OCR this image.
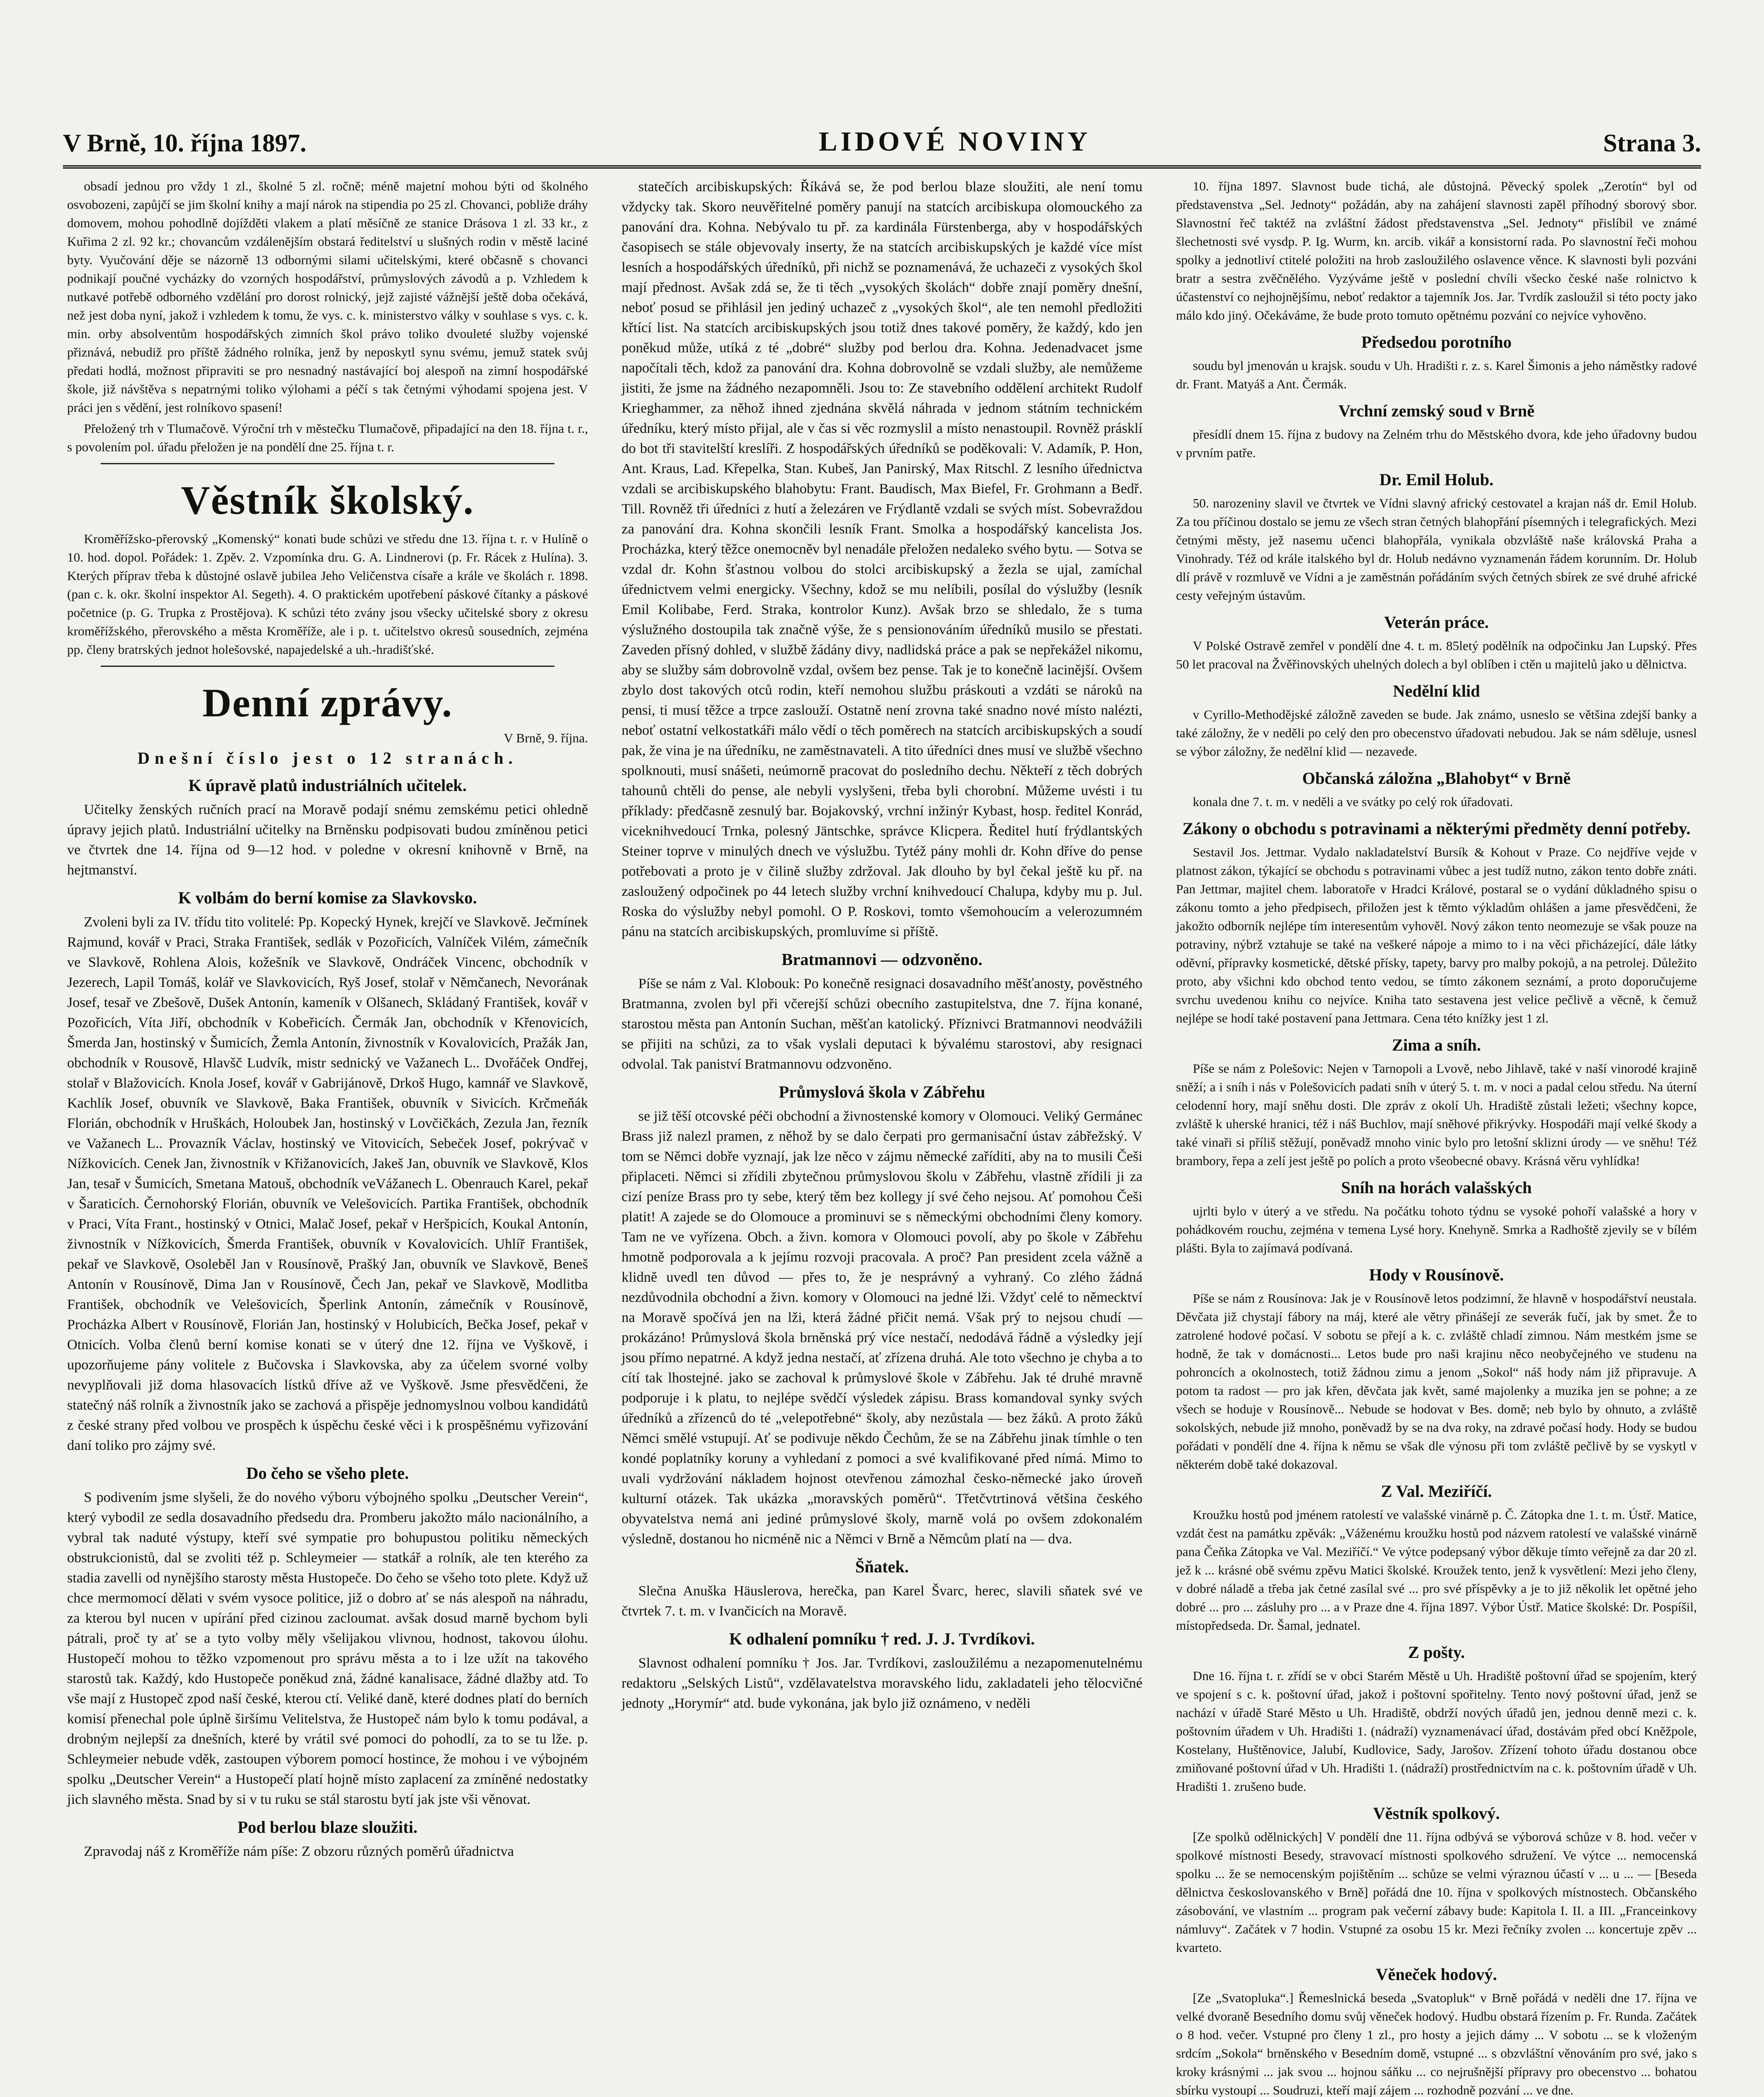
V Brně, 10. října 1897.	LIDOVÉ NOVINY	Strana 3.

obsadí jednou pro vždy 1 zl., školné 5 zl. ročně; méně majetní mohou býti od školného osvobozeni, zapůjčí se jim školní knihy a mají nárok na stipendia po 25 zl. Chovanci, pobliže dráhy domovem, mohou pohodlně dojížděti vlakem a platí měsíčně ze stanice Drásova 1 zl. 33 kr., z Kuřima 2 zl. 92 kr.; chovancům vzdálenějším obstará ředitelství u slušných rodin v městě laciné byty. Vyučování děje se názorně 13 odbornými silami učitelskými, které občasně s chovanci podnikají poučné vycházky do vzorných hospodářství, průmyslových závodů a p. Vzhledem k nutkavé potřebě odborného vzdělání pro dorost rolnický, jejž zajisté vážnější ještě doba očekává, než jest doba nyní, jakož i vzhledem k tomu, že vys. c. k. ministerstvo války v souhlase s vys. c. k. min. orby absolventům hospodářských zimních škol právo toliko dvouleté služby vojenské přiznává, nebudiž pro příště žádného rolníka, jenž by neposkytl synu svému, jemuž statek svůj předati hodlá, možnost připraviti se pro nesnadný nastávající boj alespoň na zimní hospodářské škole, již návštěva s nepatrnými toliko výlohami a péčí s tak četnými výhodami spojena jest. V práci jen s vědění, jest rolníkovo spasení!

Přeložený trh v Tlumačově. Výroční trh v městečku Tlumačově, připadající na den 18. října t. r., s povolením pol. úřadu přeložen je na pondělí dne 25. října t. r.

Věstník školský.

Kroměřížsko-přerovský „Komenský“ konati bude schůzi ve středu dne 13. října t. r. v Hulíně o 10. hod. dopol. Pořádek: 1. Zpěv. 2. Vzpomínka dru. G. A. Lindnerovi (p. Fr. Rácek z Hulína). 3. Kterých příprav třeba k důstojné oslavě jubilea Jeho Veličenstva císaře a krále ve školách r. 1898. (pan c. k. okr. školní inspektor Al. Segeth). 4. O praktickém upotřebení páskové čítanky a páskové početnice (p. G. Trupka z Prostějova). K schůzi této zvány jsou všecky učitelské sbory z okresu kroměřížského, přerovského a města Kroměříže, ale i p. t. učitelstvo okresů sousedních, zejména pp. členy bratrských jednot holešovské, napajedelské a uh.-hradišťské.

Denní zprávy.
V Brně, 9. října.
Dnešní číslo jest o 12 stranách.
K úpravě platů industriálních učitelek.

Učitelky ženských ručních prací na Moravě podají snému zemskému petici ohledně úpravy jejich platů. Industriální učitelky na Brněnsku podpisovati budou zmíněnou petici ve čtvrtek dne 14. října od 9—12 hod. v poledne v okresní knihovně v Brně, na hejtmanství.

K volbám do berní komise za Slavkovsko.

Zvoleni byli za IV. třídu tito volitelé: Pp. Kopecký Hynek, krejčí ve Slavkově. Ječmínek Rajmund, kovář v Praci, Straka František, sedlák v Pozořicích, Valníček Vilém, zámečník ve Slavkově, Rohlena Alois, kožešník ve Slavkově, Ondráček Vincenc, obchodník v Jezerech, Lapil Tomáš, kolář ve Slavkovicích, Ryš Josef, stolař v Němčanech, Nevorának Josef, tesař ve Zbešově, Dušek Antonín, kameník v Olšanech, Skládaný František, kovář v Pozořicích, Víta Jiří, obchodník v Kobeřicích. Čermák Jan, obchodník v Křenovicích, Šmerda Jan, hostinský v Šumicích, Žemla Antonín, živnostník v Kovalovicích, Pražák Jan, obchodník v Rousově, Hlavšč Ludvík, mistr sednický ve Važanech L.. Dvořáček Ondřej, stolař v Blažovicích. Knola Josef, kovář v Gabrijánově, Drkoš Hugo, kamnář ve Slavkově, Kachlík Josef, obuvník ve Slavkově, Baka František, obuvník v Sivicích. Krčmeňák Florián, obchodník v Hruškách, Holoubek Jan, hostinský v Lovčičkách, Zezula Jan, řezník ve Važanech L.. Provazník Václav, hostinský ve Vitovicích, Sebeček Josef, pokrývač v Nížkovicích. Cenek Jan, živnostník v Křižanovicích, Jakeš Jan, obuvník ve Slavkově, Klos Jan, tesař v Šumicích, Smetana Matouš, obchodník veVážanech L. Obenrauch Karel, pekař v Šaraticích. Černohorský Florián, obuvník ve Velešovicích. Partika František, obchodník v Praci, Víta Frant., hostinský v Otnici, Malač Josef, pekař v Heršpicích, Koukal Antonín, živnostník v Nížkovicích, Šmerda František, obuvník v Kovalovicích. Uhlíř František, pekař ve Slavkově, Osoleběl Jan v Rousínově, Prašký Jan, obuvník ve Slavkově, Beneš Antonín v Rousínově, Dima Jan v Rousínově, Čech Jan, pekař ve Slavkově, Modlitba František, obchodník ve Velešovicích, Šperlink Antonín, zámečník v Rousínově, Procházka Albert v Rousínově, Florián Jan, hostinský v Holubicích, Bečka Josef, pekař v Otnicích. Volba členů berní komise konati se v úterý dne 12. října ve Vyškově, i upozorňujeme pány volitele z Bučovska i Slavkovska, aby za účelem svorné volby nevyplňovali již doma hlasovacích lístků dříve až ve Vyškově. Jsme přesvědčeni, že statečný náš rolník a živnostník jako se zachová a přispěje jednomyslnou volbou kandidátů z české strany před volbou ve prospěch k úspěchu české věci i k prospěšnému vyřizování daní toliko pro zájmy své.

Do čeho se všeho plete.

S podivením jsme slyšeli, že do nového výboru výbojného spolku „Deutscher Verein“, který vybodil ze sedla dosavadního předsedu dra. Promberu jakožto málo nacionálního, a vybral tak naduté výstupy, kteří své sympatie pro bohupustou politiku německých obstrukcionistů, dal se zvoliti též p. Schleymeier — statkář a rolník, ale ten kterého za stadia zavelli od nynějšího starosty města Hustopeče. Do čeho se všeho toto plete. Když už chce mermomocí dělati v svém vysoce politice, již o dobro ať se nás alespoň na náhradu, za kterou byl nucen v upírání před cizinou zacloumat. avšak dosud marně bychom byli pátrali, proč ty ať se a tyto volby měly všelijakou vlivnou, hodnost, takovou úlohu. Hustopečí mohou to těžko vzpomenout pro správu města a to i lze užít na takového starostů tak. Každý, kdo Hustopeče poněkud zná, žádné kanalisace, žádné dlažby atd. To vše mají z Hustopeč zpod naší české, kterou ctí. Veliké daně, které dodnes platí do berních komisí přenechal pole úplně širšímu Velitelstva, že Hustopeč nám bylo k tomu podával, a drobným nejlepší za dnešních, které by vrátil své pomoci do pohodlí, za to se tu lže. p. Schleymeier nebude vděk, zastoupen výborem pomocí hostince, že mohou i ve výbojném spolku „Deutscher Verein“ a Hustopečí platí hojně místo zaplacení za zmíněné nedostatky jich slavného města. Snad by si v tu ruku se stál starostu bytí jak jste vši věnovat.

Pod berlou blaze sloužiti.

Zpravodaj náš z Kroměříže nám píše: Z obzoru různých poměrů úřadnictva

statečích arcibiskupských: Říkává se, že pod berlou blaze sloužiti, ale není tomu vždycky tak. Skoro neuvěřitelné poměry panují na statcích arcibiskupa olomouckého za panování dra. Kohna. Nebývalo tu př. za kardinála Fürstenberga, aby v hospodářských časopisech se stále objevovaly inserty, že na statcích arcibiskupských je každé více míst lesních a hospodářských úředníků, při nichž se poznamenává, že uchazeči z vysokých škol mají přednost. Avšak zdá se, že ti těch „vysokých školách“ dobře znají poměry dnešní, neboť posud se přihlásil jen jediný uchazeč z „vysokých škol“, ale ten nemohl předložiti křtící list. Na statcích arcibiskupských jsou totiž dnes takové poměry, že každý, kdo jen poněkud může, utíká z té „dobré“ služby pod berlou dra. Kohna. Jedenadvacet jsme napočítali těch, kdož za panování dra. Kohna dobrovolně se vzdali služby, ale nemůžeme jistiti, že jsme na žádného nezapomněli. Jsou to: Ze stavebního oddělení architekt Rudolf Krieghammer, za něhož ihned zjednána skvělá náhrada v jednom státním technickém úředníku, který místo přijal, ale v čas si věc rozmyslil a místo nenastoupil. Rovněž prásklí do bot tři stavitelští kreslíři. Z hospodářských úředníků se poděkovali: V. Adamík, P. Hon, Ant. Kraus, Lad. Křepelka, Stan. Kubeš, Jan Panirský, Max Ritschl. Z lesního úřednictva vzdali se arcibiskupského blahobytu: Frant. Baudisch, Max Biefel, Fr. Grohmann a Bedř. Till. Rovněž tři úředníci z hutí a železáren ve Frýdlantě vzdali se svých míst. Sobevraždou za panování dra. Kohna skončili lesník Frant. Smolka a hospodářský kancelista Jos. Procházka, který těžce onemocněv byl nenadále přeložen nedaleko svého bytu. — Sotva se vzdal dr. Kohn šťastnou volbou do stolci arcibiskupský a žezla se ujal, zamíchal úřednictvem velmi energicky. Všechny, kdož se mu nelíbili, posílal do výslužby (lesník Emil Kolibabe, Ferd. Straka, kontrolor Kunz). Avšak brzo se shledalo, že s tuma výslužného dostoupila tak značně výše, že s pensionováním úředníků musilo se přestati. Zaveden přísný dohled, v službě žádány divy, nadlidská práce a pak se nepřekážel nikomu, aby se služby sám dobrovolně vzdal, ovšem bez pense. Tak je to konečně lacinější. Ovšem zbylo dost takových otců rodin, kteří nemohou službu práskouti a vzdáti se nároků na pensi, ti musí těžce a trpce zaslouží. Ostatně není zrovna také snadno nové místo nalézti, neboť ostatní velkostatkáři málo vědí o těch poměrech na statcích arcibiskupských a soudí pak, že vina je na úředníku, ne zaměstnavateli. A tito úředníci dnes musí ve službě všechno spolknouti, musí snášeti, neúmorně pracovat do posledního dechu. Někteří z těch dobrých tahounů chtěli do pense, ale nebyli vyslyšeni, třeba byli chorobní. Můžeme uvésti i tu příklady: předčasně zesnulý bar. Bojakovský, vrchní inžinýr Kybast, hosp. ředitel Konrád, viceknihvedoucí Trnka, polesný Jäntschke, správce Klicpera. Ředitel hutí frýdlantských Steiner toprve v minulých dnech ve výslužbu. Tytéž pány mohli dr. Kohn dříve do pense potřebovati a proto je v čilině služby zdržoval. Jak dlouho by byl čekal ještě ku př. na zasloužený odpočinek po 44 letech služby vrchní knihvedoucí Chalupa, kdyby mu p. Jul. Roska do výslužby nebyl pomohl. O P. Roskovi, tomto všemohoucím a velerozumném pánu na statcích arcibiskupských, promluvíme si příště.

Bratmannovi — odzvoněno.

Píše se nám z Val. Klobouk: Po konečně resignaci dosavadního měšťanosty, pověstného Bratmanna, zvolen byl při včerejší schůzi obecního zastupitelstva, dne 7. října konané, starostou města pan Antonín Suchan, měšťan katolický. Příznivci Bratmannovi neodvážili se přijiti na schůzi, za to však vyslali deputaci k bývalému starostovi, aby resignaci odvolal. Tak paniství Bratmannovu odzvoněno.

Průmyslová škola v Zábřehu

se již těší otcovské péči obchodní a živnostenské komory v Olomouci. Veliký Germánec Brass již nalezl pramen, z něhož by se dalo čerpati pro germanisační ústav zábřežský. V tom se Němci dobře vyznají, jak lze něco v zájmu německé zaříditi, aby na to musili Češi připlaceti. Němci si zřídili zbytečnou průmyslovou školu v Zábřehu, vlastně zřídili ji za cizí peníze Brass pro ty sebe, který těm bez kollegy jí své čeho nejsou. Ať pomohou Češi platit! A zajede se do Olomouce a prominuvi se s německými obchodními členy komory. Tam ne ve vyřízena. Obch. a živn. komora v Olomouci povolí, aby po škole v Zábřehu hmotně podporovala a k jejímu rozvoji pracovala. A proč? Pan president zcela vážně a klidně uvedl ten důvod — přes to, že je nesprávný a vyhraný. Co zlého žádná nezdůvodnila obchodní a živn. komory v Olomouci na jedné lži. Vždyť celé to německtví na Moravě spočívá jen na lži, která žádné přičit nemá. Však prý to nejsou chudí — prokázáno! Průmyslová škola brněnská prý více nestačí, nedodává řádně a výsledky její jsou přímo nepatrné. A když jedna nestačí, ať zřízena druhá. Ale toto všechno je chyba a to cítí tak lhostejné. jako se zachoval k průmyslové škole v Zábřehu. Jak té druhé mravně podporuje i k platu, to nejlépe svědčí výsledek zápisu. Brass komandoval synky svých úředníků a zřízenců do té „velepotřebné“ školy, aby nezůstala — bez žáků. A proto žáků Němci smělé vstupují. Ať se podivuje někdo Čechům, že se na Zábřehu jinak tímhle o ten kondé poplatníky koruny a vyhledaní z pomoci a své kvalifikované před nímá. Mimo to uvali vydržování nákladem hojnost otevřenou zámozhal česko-německé jako úroveň kulturní otázek. Tak ukázka „moravských poměrů“. Třetčvtrtinová většina českého obyvatelstva nemá ani jediné průmyslové školy, marně volá po ovšem zdokonalém výsledně, dostanou ho nicméně nic a Němci v Brně a Němcům platí na — dva.

Šňatek.

Slečna Anuška Häuslerova, herečka, pan Karel Švarc, herec, slavili sňatek své ve čtvrtek 7. t. m. v Ivančicích na Moravě.

K odhalení pomníku † red. J. J. Tvrdíkovi.

Slavnost odhalení pomníku † Jos. Jar. Tvrdíkovi, zasloužilému a nezapomenutelnému redaktoru „Selských Listů“, vzdělavatelstva moravského lidu, zakladateli jeho tělocvičné jednoty „Horymír“ atd. bude vykonána, jak bylo již oznámeno, v neděli

10. října 1897. Slavnost bude tichá, ale důstojná. Pěvecký spolek „Zerotín“ byl od představenstva „Sel. Jednoty“ požádán, aby na zahájení slavnosti zapěl příhodný sborový sbor. Slavnostní řeč taktéž na zvláštní žádost představenstva „Sel. Jednoty“ přislíbil ve známé šlechetnosti své vysdp. P. Ig. Wurm, kn. arcib. vikář a konsistorní rada. Po slavnostní řeči mohou spolky a jednotliví ctitelé položiti na hrob zasloužilého oslavence věnce. K slavnosti byli pozváni bratr a sestra zvěčnělého. Vyzýváme ještě v poslední chvíli všecko české naše rolnictvo k účastenství co nejhojnějšímu, neboť redaktor a tajemník Jos. Jar. Tvrdík zasloužil si této pocty jako málo kdo jiný. Očekáváme, že bude proto tomuto opětnému pozvání co nejvíce vyhověno.

Předsedou porotního

soudu byl jmenován u krajsk. soudu v Uh. Hradišti r. z. s. Karel Šimonis a jeho náměstky radové dr. Frant. Matyáš a Ant. Čermák.

Vrchní zemský soud v Brně

přesídlí dnem 15. října z budovy na Zelném trhu do Městského dvora, kde jeho úřadovny budou v prvním patře.

Dr. Emil Holub.

50. narozeniny slavil ve čtvrtek ve Vídni slavný africký cestovatel a krajan náš dr. Emil Holub. Za tou příčinou dostalo se jemu ze všech stran četných blahopřání písemných i telegrafických. Mezi četnými městy, jež nasemu učenci blahopřála, vynikala obzvláště naše královská Praha a Vinohrady. Též od krále italského byl dr. Holub nedávno vyznamenán řádem korunním. Dr. Holub dlí právě v rozmluvě ve Vídni a je zaměstnán pořádáním svých četných sbírek ze své druhé africké cesty veřejným ústavům.

Veterán práce.

V Polské Ostravě zemřel v pondělí dne 4. t. m. 85letý podělník na odpočinku Jan Lupský. Přes 50 let pracoval na Žvěřinovských uhelných dolech a byl oblíben i ctěn u majitelů jako u dělnictva.

Nedělní klid

v Cyrillo-Methodějské záložně zaveden se bude. Jak známo, usneslo se většina zdejší banky a také záložny, že v neděli po celý den pro obecenstvo úřadovati nebudou. Jak se nám sděluje, usnesl se výbor záložny, že nedělní klid — nezavede.

Občanská záložna „Blahobyt“ v Brně

konala dne 7. t. m. v neděli a ve svátky po celý rok úřadovati.

Zákony o obchodu s potravinami a některými předměty denní potřeby.

Sestavil Jos. Jettmar. Vydalo nakladatelství Bursík & Kohout v Praze. Co nejdříve vejde v platnost zákon, týkající se obchodu s potravinami vůbec a jest tudíž nutno, zákon tento dobře znáti. Pan Jettmar, majitel chem. laboratoře v Hradci Králové, postaral se o vydání důkladného spisu o zákonu tomto a jeho předpisech, přiložen jest k těmto výkladům ohlášen a jame přesvědčeni, že jakožto odborník nejlépe tím interesentům vyhověl. Nový zákon tento neomezuje se však pouze na potraviny, nýbrž vztahuje se také na veškeré nápoje a mimo to i na věci přicházející, dále látky oděvní, přípravky kosmetické, dětské přísky, tapety, barvy pro malby pokojů, a na petrolej. Důležito proto, aby všichni kdo obchod tento vedou, se tímto zákonem seznámí, a proto doporučujeme svrchu uvedenou knihu co nejvíce. Kniha tato sestavena jest velice pečlivě a věcně, k čemuž nejlépe se hodí také postavení pana Jettmara. Cena této knížky jest 1 zl.

Zima a sníh.

Píše se nám z Polešovic: Nejen v Tarnopoli a Lvově, nebo Jihlavě, také v naší vinorodé krajině sněží; a i sníh i nás v Polešovicích padati sníh v úterý 5. t. m. v noci a padal celou středu. Na úterní celodenní hory, mají sněhu dosti. Dle zpráv z okolí Uh. Hradiště zůstali ležeti; všechny kopce, zvláště k uherské hranici, též i náš Buchlov, mají sněhové přikrývky. Hospodáři mají velké škody a také vinaři si příliš stěžují, poněvadž mnoho vinic bylo pro letošní sklizni úrody — ve sněhu! Též brambory, řepa a zelí jest ještě po polích a proto všeobecné obavy. Krásná věru vyhlídka!

Sníh na horách valašských

ujrlti bylo v úterý a ve středu. Na počátku tohoto týdnu se vysoké pohoří valašské a hory v pohádkovém rouchu, zejména v temena Lysé hory. Knehyně. Smrka a Radhoště zjevily se v bílém plášti. Byla to zajímavá podívaná.

Hody v Rousínově.

Píše se nám z Rousínova: Jak je v Rousínově letos podzimní, že hlavně v hospodářství neustala. Děvčata již chystají fábory na máj, které ale větry přinášejí ze severák fučí, jak by smet. Že to zatrolené hodové počasí. V sobotu se přejí a k. c. zvláště chladí zimnou. Nám mestkém jsme se hodně, že tak v domácnosti... Letos bude pro naši krajinu něco neobyčejného ve studenu na pohroncích a okolnostech, totiž žádnou zimu a jenom „Sokol“ náš hody nám již připravuje. A potom ta radost — pro jak křen, děvčata jak květ, samé majolenky a muzika jen se pohne; a ze všech se hoduje v Rousínově... Nebude se hodovat v Bes. domě; neb bylo by ohnuto, a zvláště sokolských, nebude již mnoho, poněvadž by se na dva roky, na zdravé počasí hody. Hody se budou pořádati v pondělí dne 4. října k němu se však dle výnosu při tom zvláště pečlivě by se vyskytl v některém době také dokazoval.

Z Val. Meziříčí.

Kroužku hostů pod jménem ratolestí ve valašské vinárně p. Č. Zátopka dne 1. t. m. Ústř. Matice, vzdát čest na památku zpěvák: „Váženému kroužku hostů pod názvem ratolestí ve valašské vinárně pana Čeňka Zátopka ve Val. Meziříčí.“ Ve výtce podepsaný výbor děkuje tímto veřejně za dar 20 zl. jež k ... krásné obě svému zpěvu Matici školské. Kroužek tento, jenž k vysvětlení: Mezi jeho členy, v dobré náladě a třeba jak četné zasílal své ... pro své příspěvky a je to již několik let opětné jeho dobré ... pro ... zásluhy pro ... a v Praze dne 4. října 1897. Výbor Ústř. Matice školské: Dr. Pospíšil, místopředseda. Dr. Šamal, jednatel.

Z pošty.

Dne 16. října t. r. zřídí se v obci Starém Městě u Uh. Hradiště poštovní úřad se spojením, který ve spojení s c. k. poštovní úřad, jakož i poštovní spořitelny. Tento nový poštovní úřad, jenž se nachází v úřadě Staré Město u Uh. Hradiště, obdrží nových úřadů jen, jednou denně mezi c. k. poštovním úřadem v Uh. Hradišti 1. (nádraží) vyznamenávací úřad, dostávám před obcí Kněžpole, Kostelany, Huštěnovice, Jalubí, Kudlovice, Sady, Jarošov. Zřízení tohoto úřadu dostanou obce zmiňované poštovní úřad v Uh. Hradišti 1. (nádraží) prostřednictvím na c. k. poštovním úřadě v Uh. Hradišti 1. zrušeno bude.

Věstník spolkový.

[Ze spolků odělnických] V pondělí dne 11. října odbývá se výborová schůze v 8. hod. večer v spolkové místnosti Besedy, stravovací místnosti spolkového sdružení. Ve výtce ... nemocenská spolku ... že se nemocenským pojištěním ... schůze se velmi výraznou účastí v ... u ... — [Beseda dělnictva českoslovanského v Brně] pořádá dne 10. října v spolkových místnostech. Občanského zásobování, ve vlastním ... program pak večerní zábavy bude: Kapitola I. II. a III. „Franceinkovy námluvy“. Začátek v 7 hodin. Vstupné za osobu 15 kr. Mezi řečníky zvolen ... koncertuje zpěv ... kvarteto.

Věneček hodový.

[Ze „Svatopluka“.] Řemeslnická beseda „Svatopluk“ v Brně pořádá v neděli dne 17. října ve velké dvoraně Besedního domu svůj věneček hodový. Hudbu obstará řízením p. Fr. Runda. Začátek o 8 hod. večer. Vstupné pro členy 1 zl., pro hosty a jejich dámy ... V sobotu ... se k vloženým srdcím „Sokola“ brněnského v Besedním domě, vstupné ... s obzvláštní věnováním pro své, jako s kroky krásnými ... jak svou ... hojnou sáňku ... co nejrušnější přípravy pro obecenstvo ... bohatou sbírku vystoupí ... Soudruzi, kteří mají zájem ... rozhodně pozvání ... ve dne.
